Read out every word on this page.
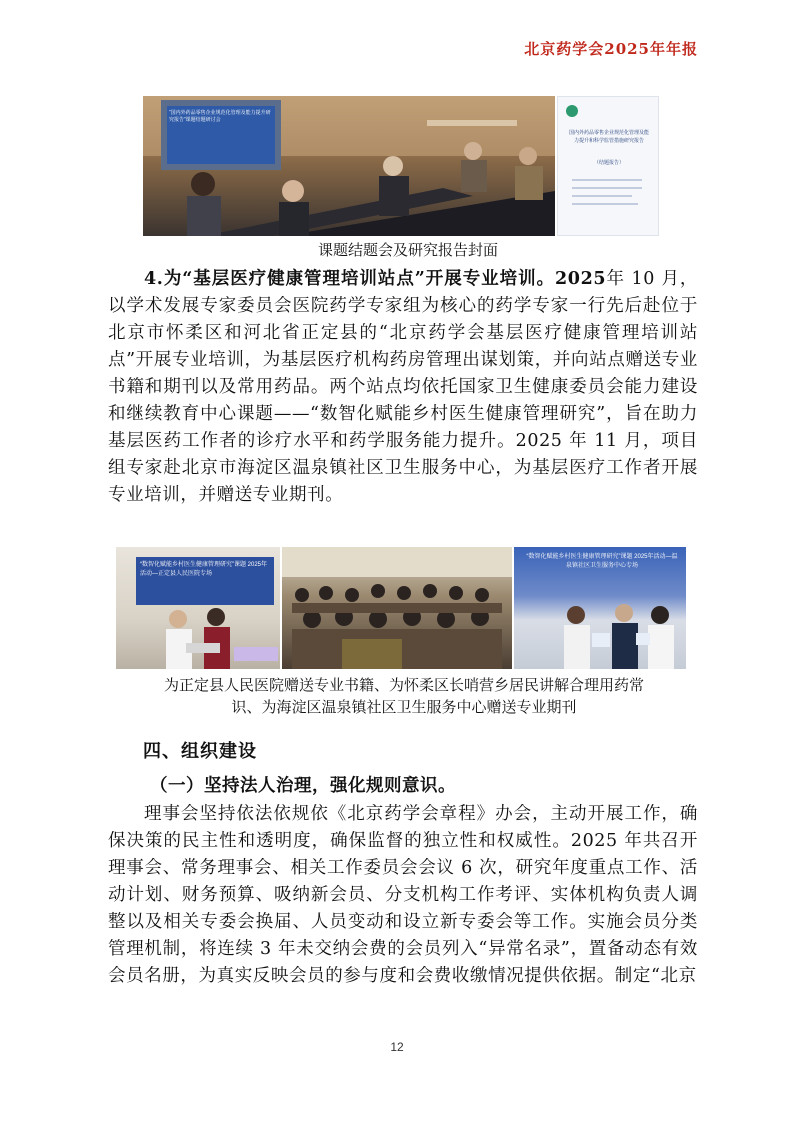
北京药学会2025年年报
“国内外药品零售企业规范化管理及能力提升研究报告”课题结题研讨会
国内外药品零售企业规范化管理及能力提升和科学监管措施研究报告
（结题报告）
课题结题会及研究报告封面

4.为“基层医疗健康管理培训站点”开展专业培训。2025年 10 月，以学术发展专家委员会医院药学专家组为核心的药学专家一行先后赴位于北京市怀柔区和河北省正定县的“北京药学会基层医疗健康管理培训站点”开展专业培训，为基层医疗机构药房管理出谋划策，并向站点赠送专业书籍和期刊以及常用药品。两个站点均依托国家卫生健康委员会能力建设和继续教育中心课题——“数智化赋能乡村医生健康管理研究”，旨在助力基层医药工作者的诊疗水平和药学服务能力提升。2025 年 11 月，项目组专家赴北京市海淀区温泉镇社区卫生服务中心，为基层医疗工作者开展专业培训，并赠送专业期刊。

“数智化赋能乡村医生健康管理研究”课题 2025年活动—正定县人民医院专场
“数智化赋能乡村医生健康管理研究”课题 2025年活动—温泉镇社区卫生服务中心专场
为正定县人民医院赠送专业书籍、为怀柔区长哨营乡居民讲解合理用药常
识、为海淀区温泉镇社区卫生服务中心赠送专业期刊
四、组织建设
（一）坚持法人治理，强化规则意识。

理事会坚持依法依规依《北京药学会章程》办会，主动开展工作，确保决策的民主性和透明度，确保监督的独立性和权威性。2025 年共召开理事会、常务理事会、相关工作委员会会议 6 次，研究年度重点工作、活动计划、财务预算、吸纳新会员、分支机构工作考评、实体机构负责人调整以及相关专委会换届、人员变动和设立新专委会等工作。实施会员分类管理机制，将连续 3 年未交纳会费的会员列入“异常名录”，置备动态有效会员名册，为真实反映会员的参与度和会费收缴情况提供依据。制定“北京

12
